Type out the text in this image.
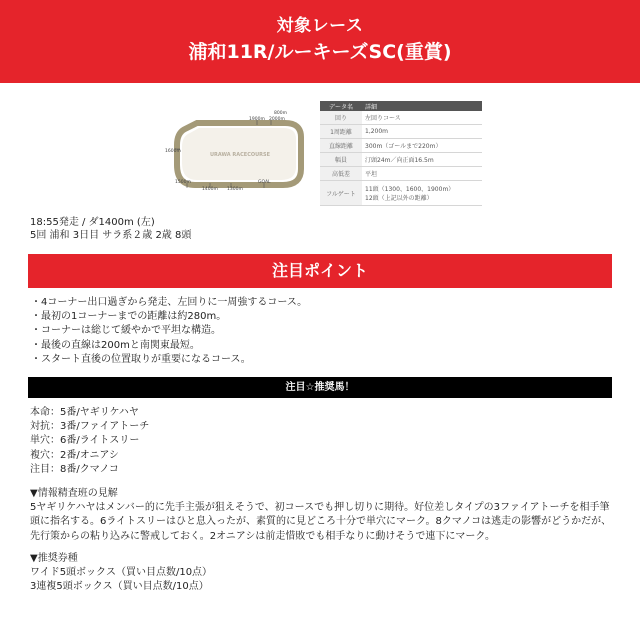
対象レース
浦和11R/ルーキーズSC(重賞)
URAWA RACECOURSE
800m
1900m 2000m
1600m
1500m
1400m 1300m
GOAL
データ名	詳細
回り	左回りコース
1周距離	1,200m
直線距離	300m（ゴールまで220m）
幅員	汀頭24m／向正面16.5m
高低差	平坦
フルゲート	11頭（1300、1600、1900m）
12頭（上記以外の距離）
18:55発走 / ダ1400m (左)
5回 浦和 3日目 サラ系２歳 2歳 8頭
注目ポイント
・4コーナー出口過ぎから発走、左回りに一周強するコース。
・最初の1コーナーまでの距離は約280m。
・コーナーは総じて緩やかで平坦な構造。
・最後の直線は200mと南関東最短。
・スタート直後の位置取りが重要になるコース。
注目☆推奨馬！
本命：5番/ヤギリケハヤ
対抗：3番/ファイアトーチ
単穴：6番/ライトスリー
複穴：2番/オニアシ
注目：8番/クマノコ
▼情報精査班の見解
5ヤギリケハヤはメンバー的に先手主張が狙えそうで、初コースでも押し切りに期待。好位差しタイプの3ファイアトーチを相手筆頭に指名する。6ライトスリーはひと息入ったが、素質的に見どころ十分で単穴にマーク。8クマノコは逃走の影響がどうかだが、先行策からの粘り込みに警戒しておく。2オニアシは前走惜敗でも相手なりに動けそうで連下にマーク。
▼推奨券種
ワイド5頭ボックス（買い目点数/10点）
3連複5頭ボックス（買い目点数/10点）
